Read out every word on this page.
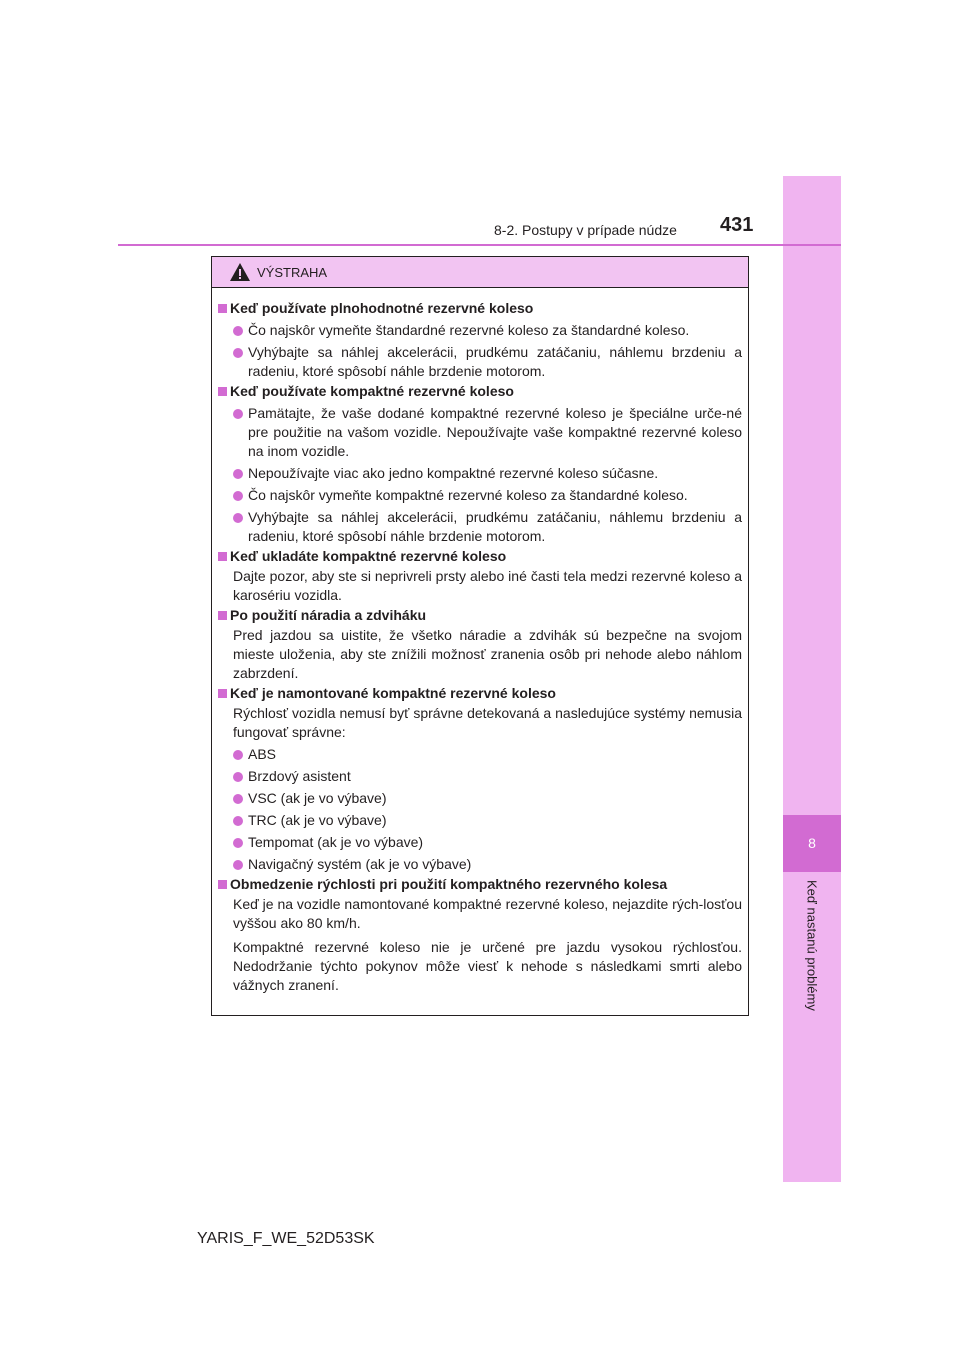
8
Keď nastanú problémy
8-2. Postupy v prípade núdze 431
VÝSTRAHA
Keď používate plnohodnotné rezervné koleso
Čo najskôr vymeňte štandardné rezervné koleso za štandardné koleso.
Vyhýbajte sa náhlej akcelerácii, prudkému zatáčaniu, náhlemu brzdeniu a radeniu, ktoré spôsobí náhle brzdenie motorom.
Keď používate kompaktné rezervné koleso
Pamätajte, že vaše dodané kompaktné rezervné koleso je špeciálne urče-né pre použitie na vašom vozidle. Nepoužívajte vaše kompaktné rezervné koleso na inom vozidle.
Nepoužívajte viac ako jedno kompaktné rezervné koleso súčasne.
Čo najskôr vymeňte kompaktné rezervné koleso za štandardné koleso.
Vyhýbajte sa náhlej akcelerácii, prudkému zatáčaniu, náhlemu brzdeniu a radeniu, ktoré spôsobí náhle brzdenie motorom.
Keď ukladáte kompaktné rezervné koleso
Dajte pozor, aby ste si neprivreli prsty alebo iné časti tela medzi rezervné koleso a karosériu vozidla.
Po použití náradia a zdviháku
Pred jazdou sa uistite, že všetko náradie a zdvihák sú bezpečne na svojom mieste uloženia, aby ste znížili možnosť zranenia osôb pri nehode alebo náhlom zabrzdení.
Keď je namontované kompaktné rezervné koleso
Rýchlosť vozidla nemusí byť správne detekovaná a nasledujúce systémy nemusia fungovať správne:
ABS
Brzdový asistent
VSC (ak je vo výbave)
TRC (ak je vo výbave)
Tempomat (ak je vo výbave)
Navigačný systém (ak je vo výbave)
Obmedzenie rýchlosti pri použití kompaktného rezervného kolesa
Keď je na vozidle namontované kompaktné rezervné koleso, nejazdite rých-losťou vyššou ako 80 km/h.
Kompaktné rezervné koleso nie je určené pre jazdu vysokou rýchlosťou. Nedodržanie týchto pokynov môže viesť k nehode s následkami smrti alebo vážnych zranení.
YARIS_F_WE_52D53SK
